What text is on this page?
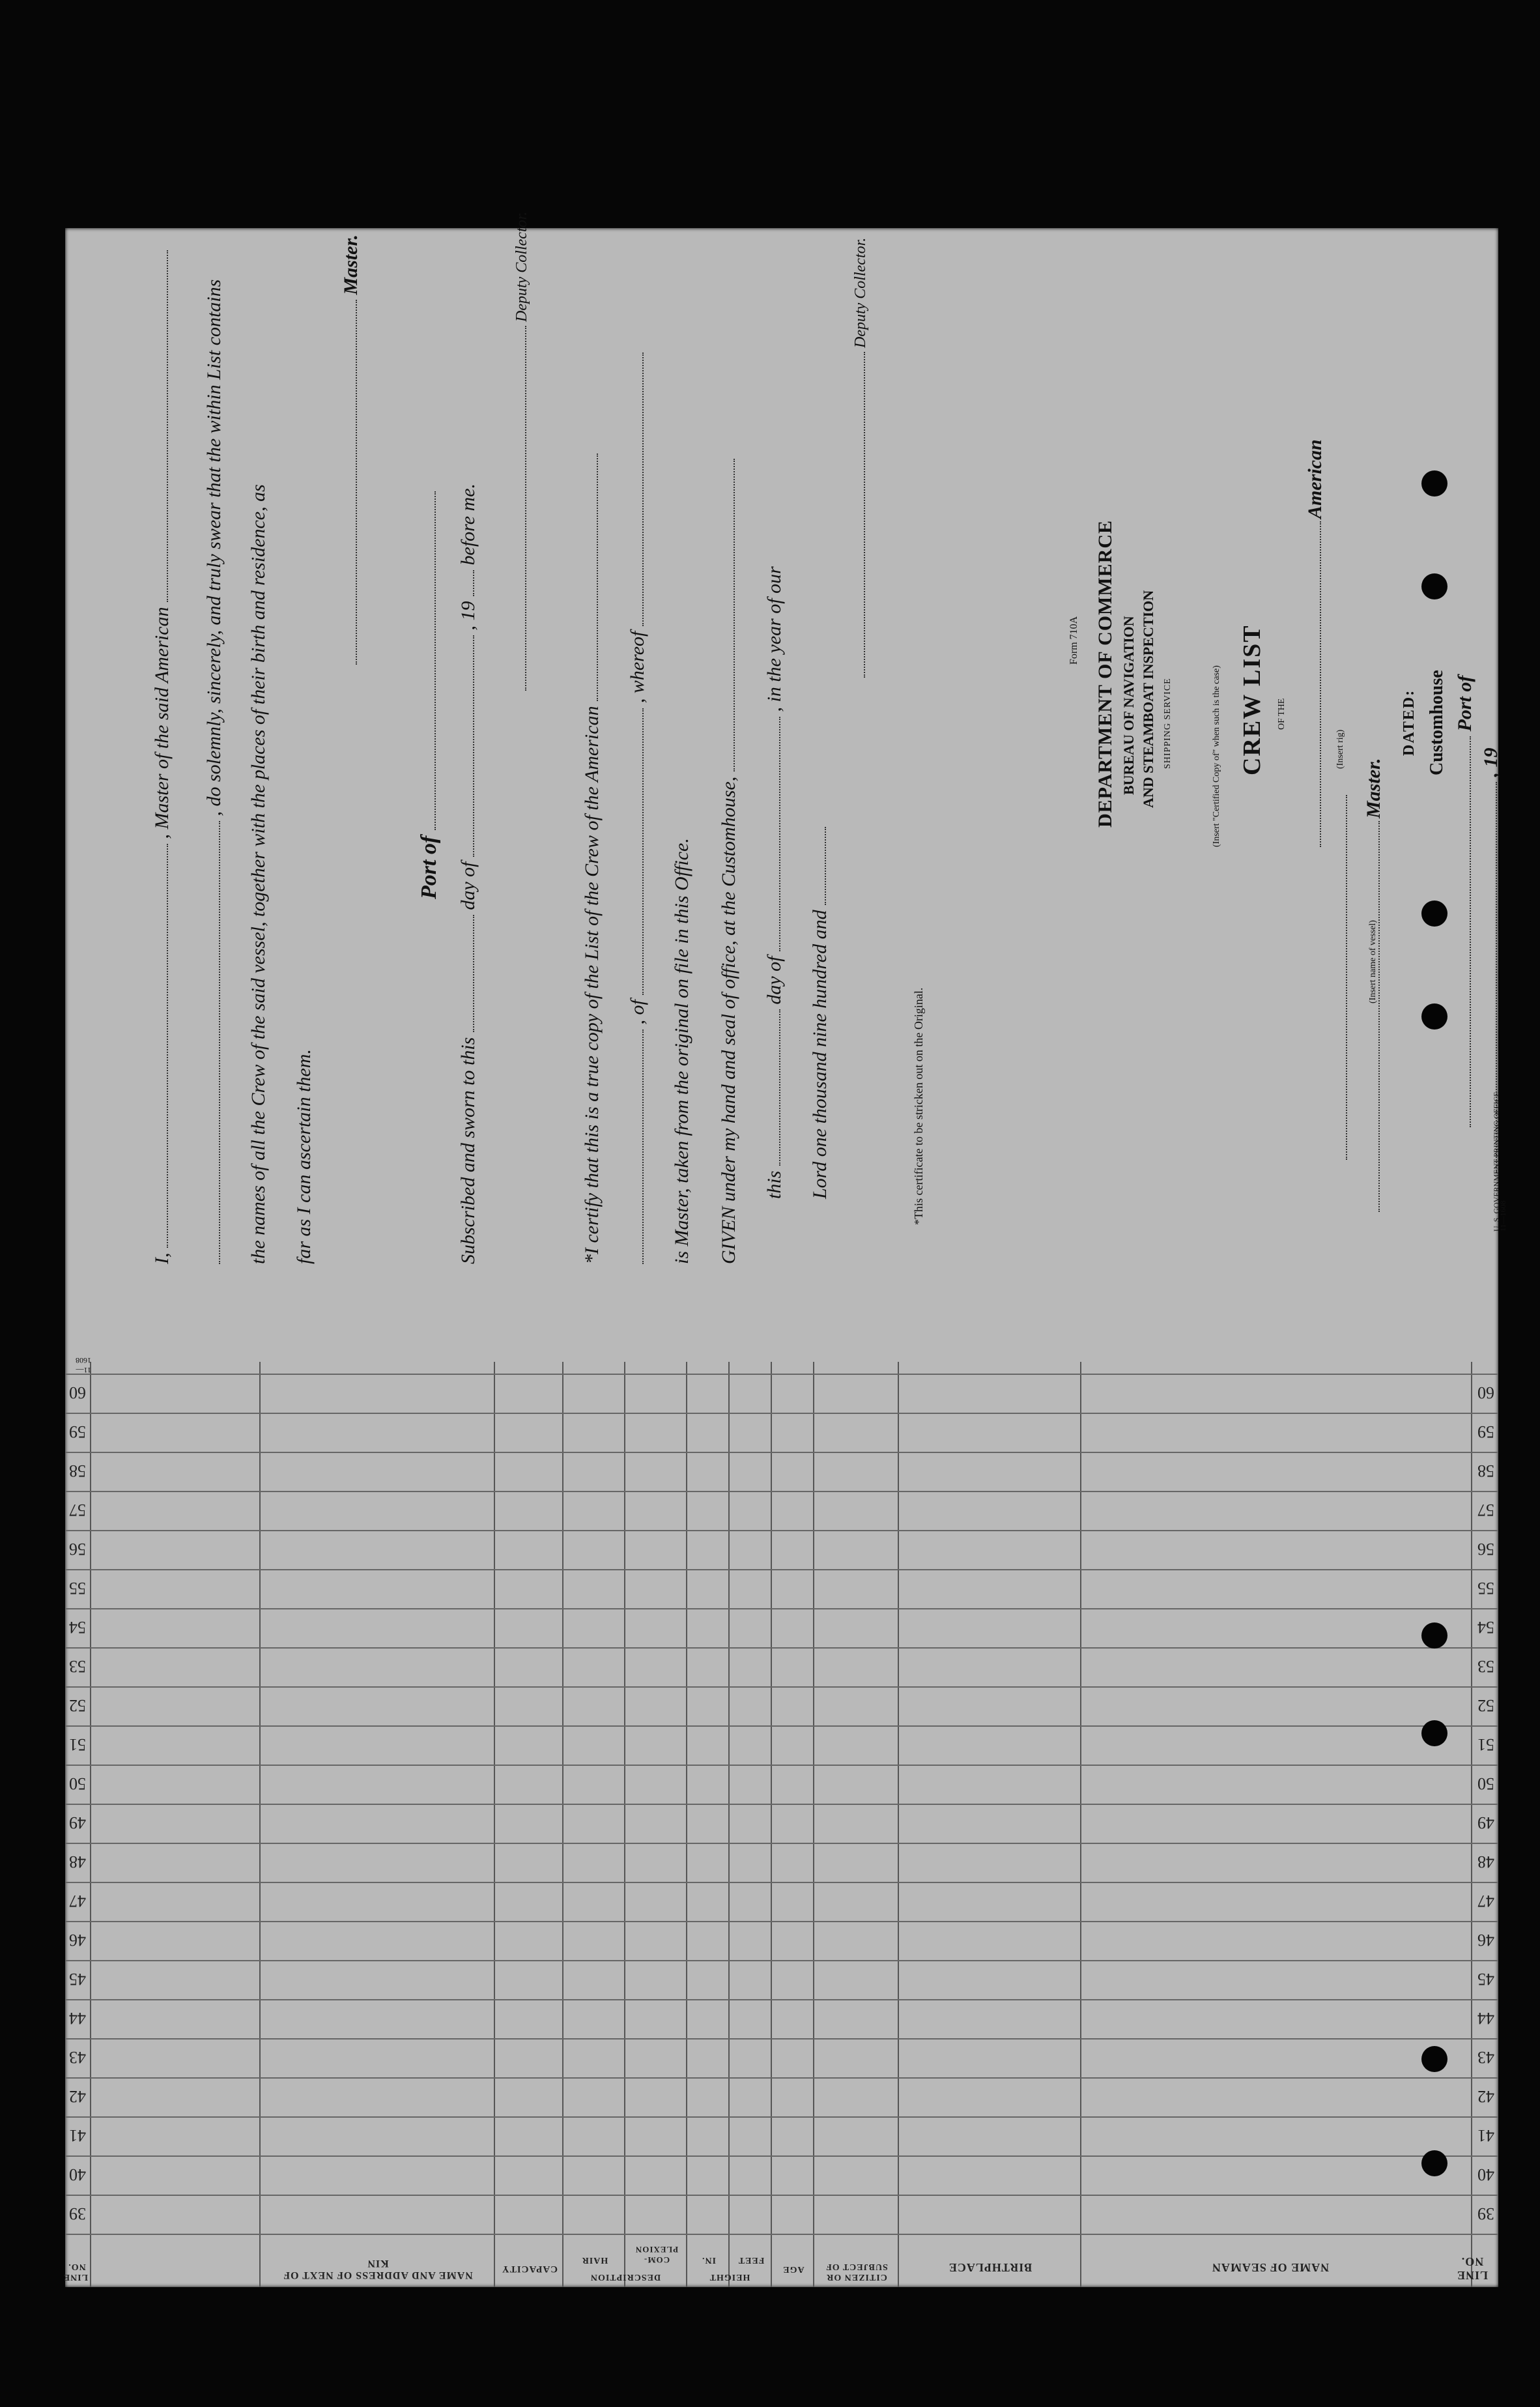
I,  , Master of the said American , do solemnly, sincerely, and truly swear that the within List contains the names of all the Crew of the said vessel, together with the places of their birth and residence, as far as I can ascertain them.
Master.
Port of
Subscribed and sworn to this  day of  , 19  before me.
Deputy Collector.
*I certify that this is a true copy of the List of the Crew of the American , of  , whereof
is Master, taken from the original on file in this Office. GIVEN under my hand and seal of office, at the Customhouse, this  day of  , in the year of our
Lord one thousand nine hundred and
Deputy Collector.
*This certificate to be stricken out on the Original.
Form 710A DEPARTMENT OF COMMERCE BUREAU OF NAVIGATION AND STEAMBOAT INSPECTION SHIPPING SERVICE	(Insert "Certified Copy of" when such is the case) CREW LIST OF THE
American
(Insert rig)
(Insert name of vessel)
Master.
DATED: Customhouse Port of
, 19
U. S. GOVERNMENT PRINTING OFFICE
11—1608
LINE NO.
NAME OF SEAMAN
BIRTHPLACE
CITIZEN OR SUBJECT OF
AGE
HEIGHT
FEET
IN.
DESCRIPTION
COM-PLEXION
HAIR
CAPACITY
NAME AND ADDRESS OF NEXT OF KIN
LINE NO.
39
39
40
40
41
41
42
42
43
43
44
44
45
45
46
46
47
47
48
48
49
49
50
50
51
51
52
52
53
53
54
54
55
55
56
56
57
57
58
58
59
59
60
60
11—1608
